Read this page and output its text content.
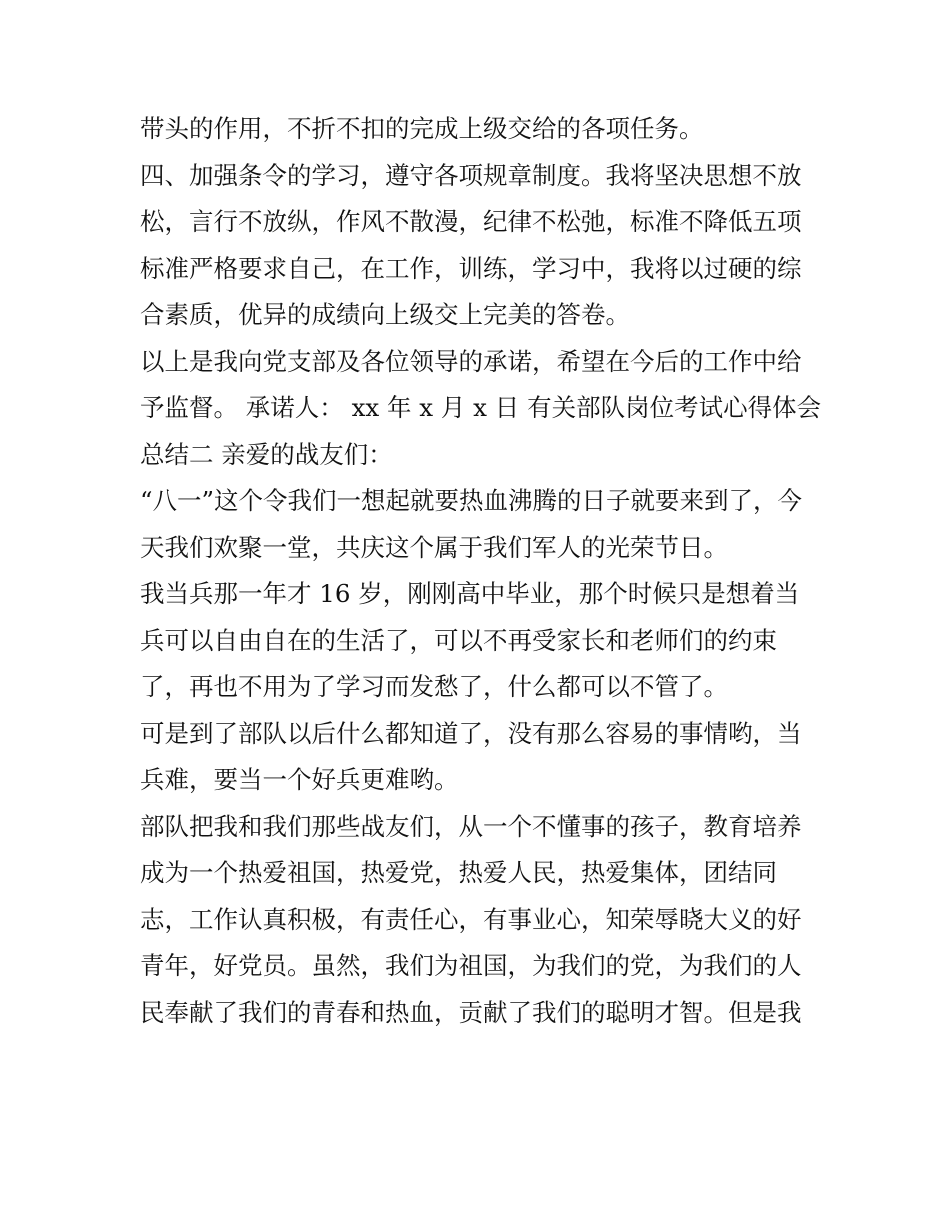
带头的作用，不折不扣的完成上级交给的各项任务。
四、加强条令的学习，遵守各项规章制度。我将坚决思想不放
松，言行不放纵，作风不散漫，纪律不松弛，标准不降低五项
标准严格要求自己，在工作，训练，学习中，我将以过硬的综
合素质，优异的成绩向上级交上完美的答卷。
以上是我向党支部及各位领导的承诺，希望在今后的工作中给
予监督。 承诺人： xx 年 x 月 x 日 有关部队岗位考试心得体会
总结二 亲爱的战友们：
“八一”这个令我们一想起就要热血沸腾的日子就要来到了，今
天我们欢聚一堂，共庆这个属于我们军人的光荣节日。
我当兵那一年才 16 岁，刚刚高中毕业，那个时候只是想着当
兵可以自由自在的生活了，可以不再受家长和老师们的约束
了，再也不用为了学习而发愁了，什么都可以不管了。
可是到了部队以后什么都知道了，没有那么容易的事情哟，当
兵难，要当一个好兵更难哟。
部队把我和我们那些战友们，从一个不懂事的孩子，教育培养
成为一个热爱祖国，热爱党，热爱人民，热爱集体，团结同
志，工作认真积极，有责任心，有事业心，知荣辱晓大义的好
青年，好党员。虽然，我们为祖国，为我们的党，为我们的人
民奉献了我们的青春和热血，贡献了我们的聪明才智。但是我
